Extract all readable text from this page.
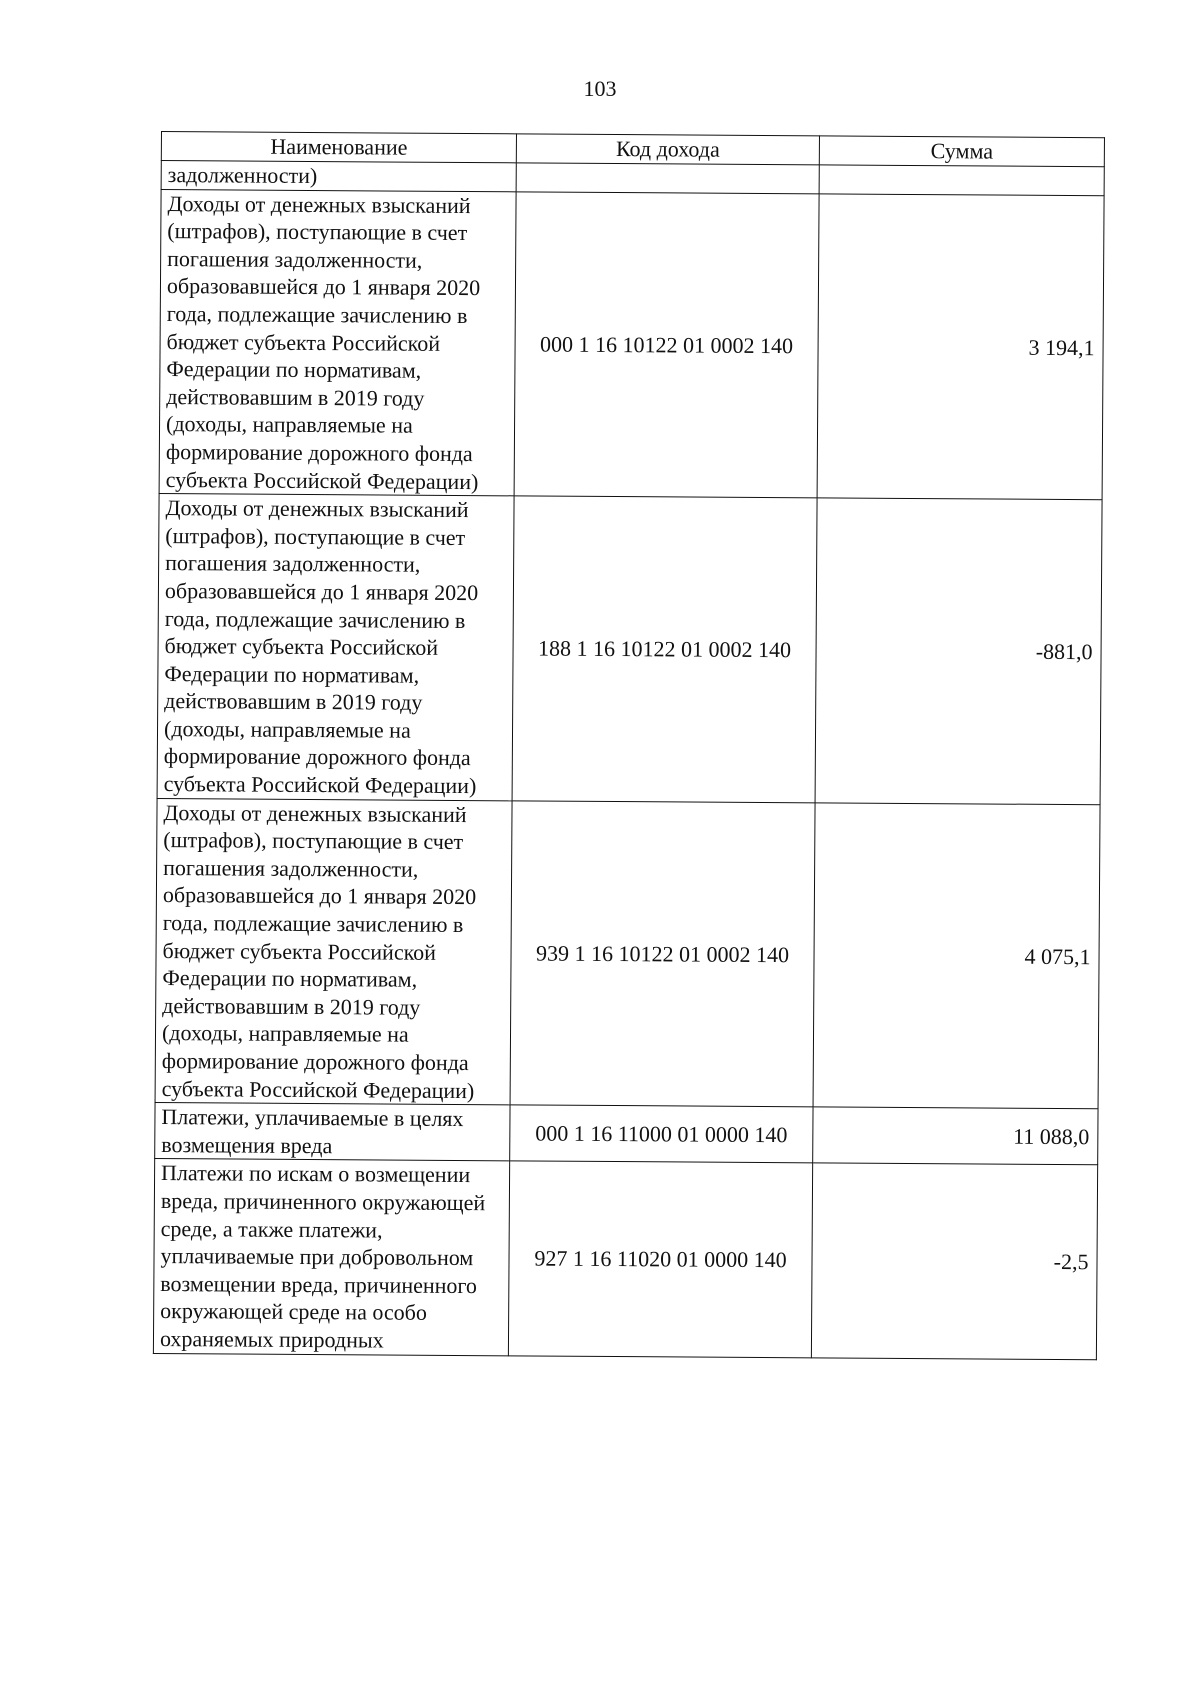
103
Наименование	Код дохода	Сумма
задолженности)		
Доходы от денежных взысканий (штрафов), поступающие в счет погашения задолженности, образовавшейся до 1 января 2020 года, подлежащие зачислению в бюджет субъекта Российской Федерации по нормативам, действовавшим в 2019 году (доходы, направляемые на формирование дорожного фонда субъекта Российской Федерации)	000 1 16 10122 01 0002 140	3 194,1
Доходы от денежных взысканий (штрафов), поступающие в счет погашения задолженности, образовавшейся до 1 января 2020 года, подлежащие зачислению в бюджет субъекта Российской Федерации по нормативам, действовавшим в 2019 году (доходы, направляемые на формирование дорожного фонда субъекта Российской Федерации)	188 1 16 10122 01 0002 140	-881,0
Доходы от денежных взысканий (штрафов), поступающие в счет погашения задолженности, образовавшейся до 1 января 2020 года, подлежащие зачислению в бюджет субъекта Российской Федерации по нормативам, действовавшим в 2019 году (доходы, направляемые на формирование дорожного фонда субъекта Российской Федерации)	939 1 16 10122 01 0002 140	4 075,1
Платежи, уплачиваемые в целях возмещения вреда	000 1 16 11000 01 0000 140	11 088,0
Платежи по искам о возмещении вреда, причиненного окружающей среде, а также платежи, уплачиваемые при добровольном возмещении вреда, причиненного окружающей среде на особо охраняемых природных	927 1 16 11020 01 0000 140	-2,5
